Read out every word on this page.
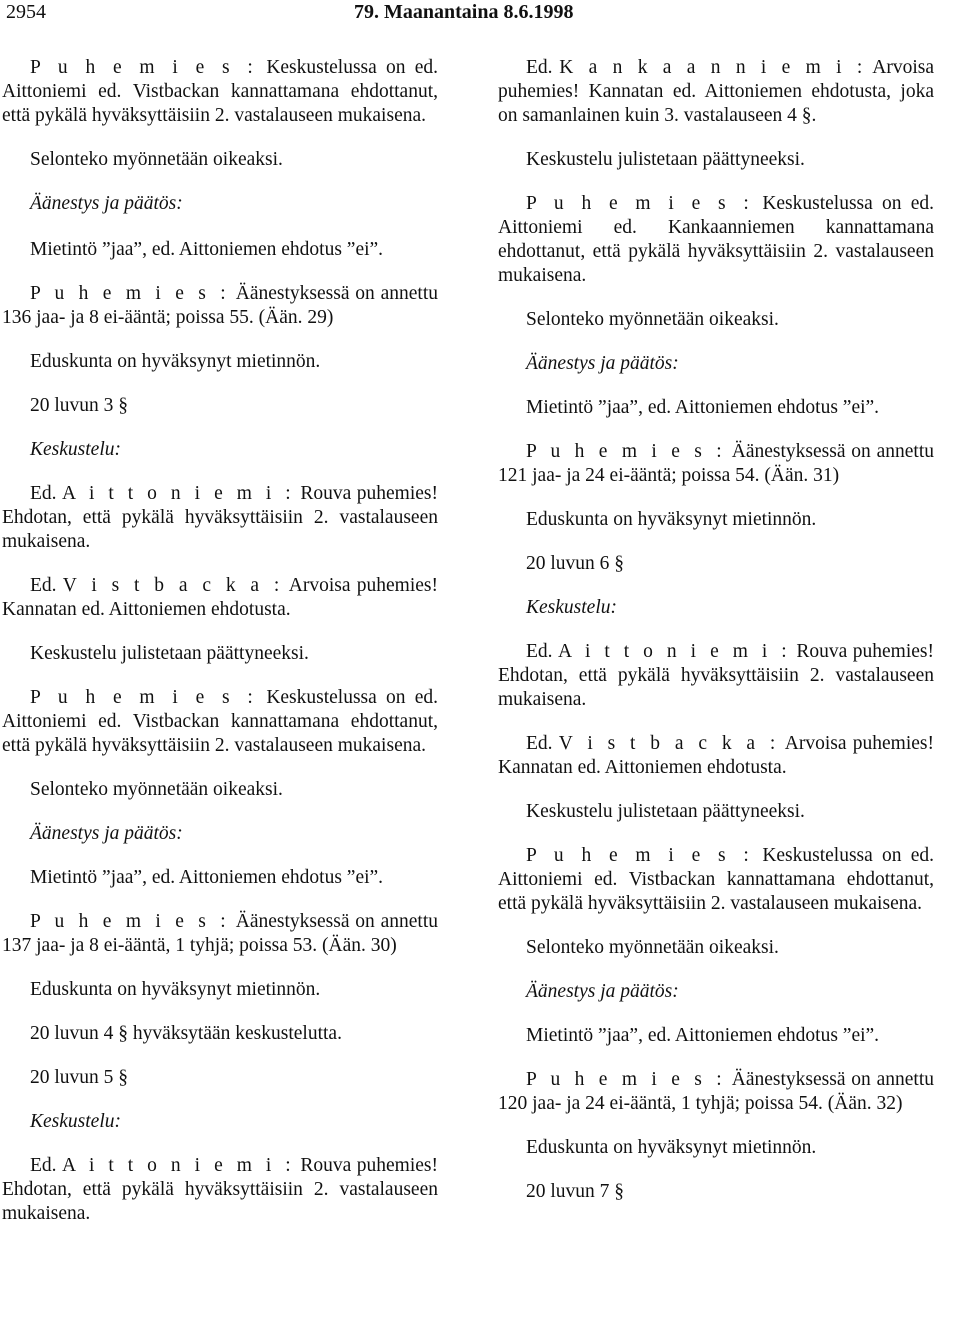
2954	79. Maanantaina 8.6.1998

P u h e m i e s : Keskustelussa on ed. Aittoniemi ed. Vistbackan kannattamana ehdottanut, että pykälä hyväksyttäisiin 2. vastalauseen mukaisena.

Selonteko myönnetään oikeaksi.

Äänestys ja päätös:

Mietintö ”jaa”, ed. Aittoniemen ehdotus ”ei”.

P u h e m i e s : Äänestyksessä on annettu 136 jaa- ja 8 ei-ääntä; poissa 55. (Ään. 29)

Eduskunta on hyväksynyt mietinnön.

20 luvun 3 §

Keskustelu:

Ed. A i t t o n i e m i : Rouva puhemies! Ehdotan, että pykälä hyväksyttäisiin 2. vastalauseen mukaisena.

Ed. V i s t b a c k a : Arvoisa puhemies! Kannatan ed. Aittoniemen ehdotusta.

Keskustelu julistetaan päättyneeksi.

P u h e m i e s : Keskustelussa on ed. Aittoniemi ed. Vistbackan kannattamana ehdottanut, että pykälä hyväksyttäisiin 2. vastalauseen mukaisena.

Selonteko myönnetään oikeaksi.

Äänestys ja päätös:

Mietintö ”jaa”, ed. Aittoniemen ehdotus ”ei”.

P u h e m i e s : Äänestyksessä on annettu 137 jaa- ja 8 ei-ääntä, 1 tyhjä; poissa 53. (Ään. 30)

Eduskunta on hyväksynyt mietinnön.

20 luvun 4 § hyväksytään keskustelutta.

20 luvun 5 §

Keskustelu:

Ed. A i t t o n i e m i : Rouva puhemies! Ehdotan, että pykälä hyväksyttäisiin 2. vastalauseen mukaisena.

Ed. K a n k a a n n i e m i : Arvoisa puhemies! Kannatan ed. Aittoniemen ehdotusta, joka on samanlainen kuin 3. vastalauseen 4 §.

Keskustelu julistetaan päättyneeksi.

P u h e m i e s : Keskustelussa on ed. Aittoniemi ed. Kankaanniemen kannattamana ehdottanut, että pykälä hyväksyttäisiin 2. vastalauseen mukaisena.

Selonteko myönnetään oikeaksi.

Äänestys ja päätös:

Mietintö ”jaa”, ed. Aittoniemen ehdotus ”ei”.

P u h e m i e s : Äänestyksessä on annettu 121 jaa- ja 24 ei-ääntä; poissa 54. (Ään. 31)

Eduskunta on hyväksynyt mietinnön.

20 luvun 6 §

Keskustelu:

Ed. A i t t o n i e m i : Rouva puhemies! Ehdotan, että pykälä hyväksyttäisiin 2. vastalauseen mukaisena.

Ed. V i s t b a c k a : Arvoisa puhemies! Kannatan ed. Aittoniemen ehdotusta.

Keskustelu julistetaan päättyneeksi.

P u h e m i e s : Keskustelussa on ed. Aittoniemi ed. Vistbackan kannattamana ehdottanut, että pykälä hyväksyttäisiin 2. vastalauseen mukaisena.

Selonteko myönnetään oikeaksi.

Äänestys ja päätös:

Mietintö ”jaa”, ed. Aittoniemen ehdotus ”ei”.

P u h e m i e s : Äänestyksessä on annettu 120 jaa- ja 24 ei-ääntä, 1 tyhjä; poissa 54. (Ään. 32)

Eduskunta on hyväksynyt mietinnön.

20 luvun 7 §
